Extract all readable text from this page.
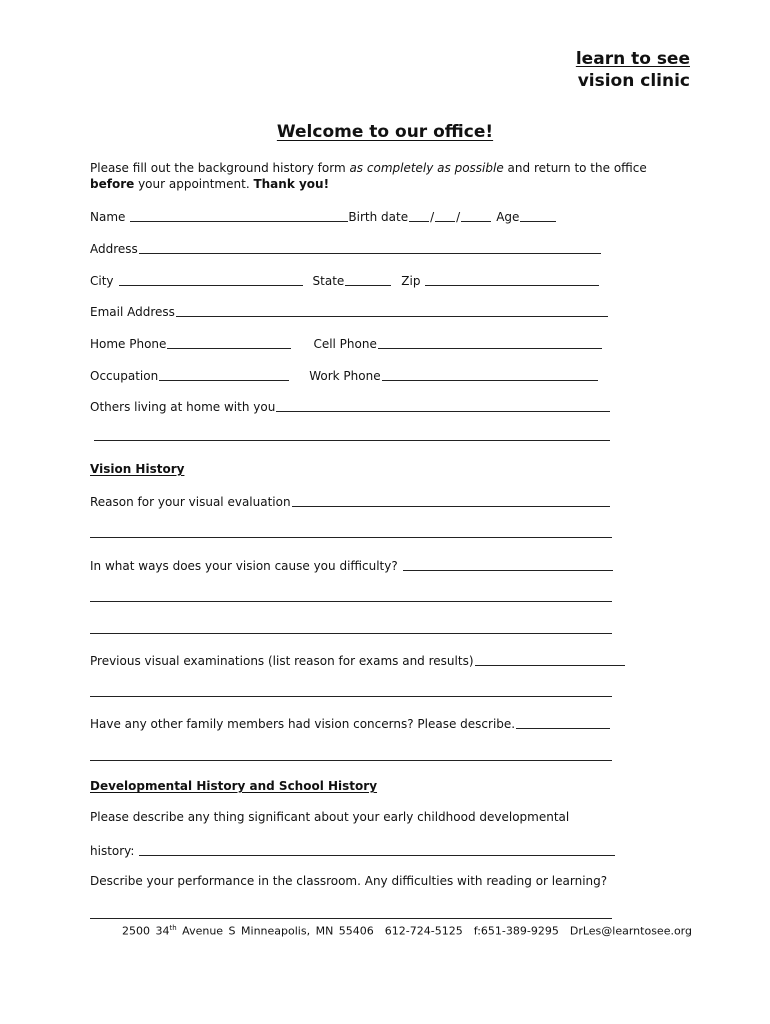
learn to see
vision clinic
Welcome to our office!
Please fill out the background history form as completely as possible and return to the office before your appointment. Thank you!
Name	Birth date / /	Age
Address
City	State	Zip
Email Address
Home Phone	Cell Phone
Occupation	Work Phone
Others living at home with you
Vision History
Reason for your visual evaluation
In what ways does your vision cause you difficulty?
Previous visual examinations (list reason for exams and results)
Have any other family members had vision concerns? Please describe.
Developmental History and School History
Please describe any thing significant about your early childhood developmental
history:
Describe your performance in the classroom. Any difficulties with reading or learning?
2500 34th Avenue S Minneapolis, MN 55406 612-724-5125 f:651-389-9295 DrLes@learntosee.org
